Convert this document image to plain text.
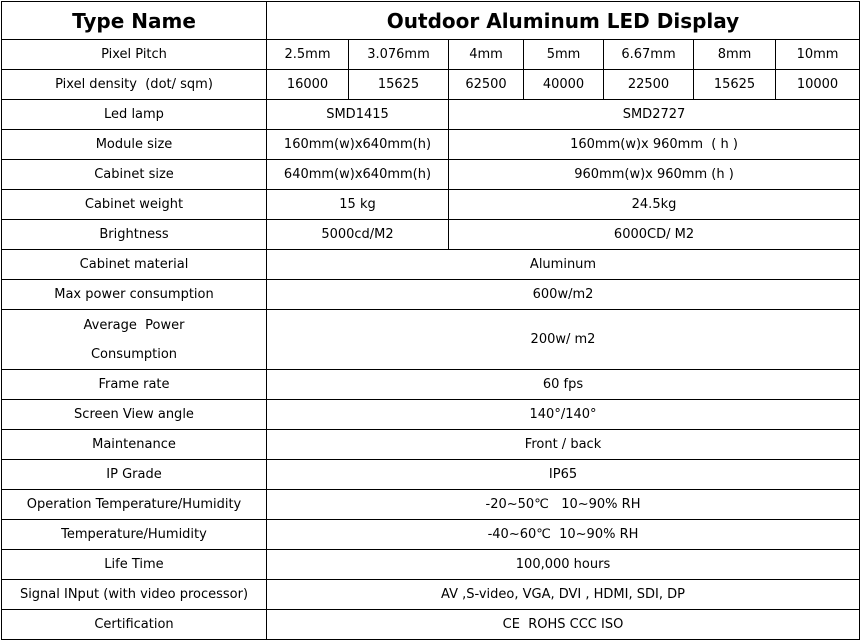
Type Name	Outdoor Aluminum LED Display						
Pixel Pitch	2.5mm	3.076mm	4mm	5mm	6.67mm	8mm	10mm
Pixel density  (dot/ sqm)	16000	15625	62500	40000	22500	15625	10000
Led lamp	SMD1415		SMD2727				
Module size	160mm(w)x640mm(h)		160mm(w)x 960mm  ( h )				
Cabinet size	640mm(w)x640mm(h)		960mm(w)x 960mm (h )				
Cabinet weight	15 kg		24.5kg				
Brightness	5000cd/M2		6000CD/ M2				
Cabinet material	Aluminum						
Max power consumption	600w/m2						

Average  Power
Consumption	200w/ m2						
Frame rate	60 fps						
Screen View angle	140°/140°						
Maintenance	Front / back						
IP Grade	IP65						
Operation Temperature/Humidity	-20~50℃   10~90% RH						
Temperature/Humidity	-40~60℃  10~90% RH						
Life Time	100,000 hours						
Signal INput (with video processor)	AV ,S-video, VGA, DVI , HDMI, SDI, DP						
Certification	CE  ROHS CCC ISO						
